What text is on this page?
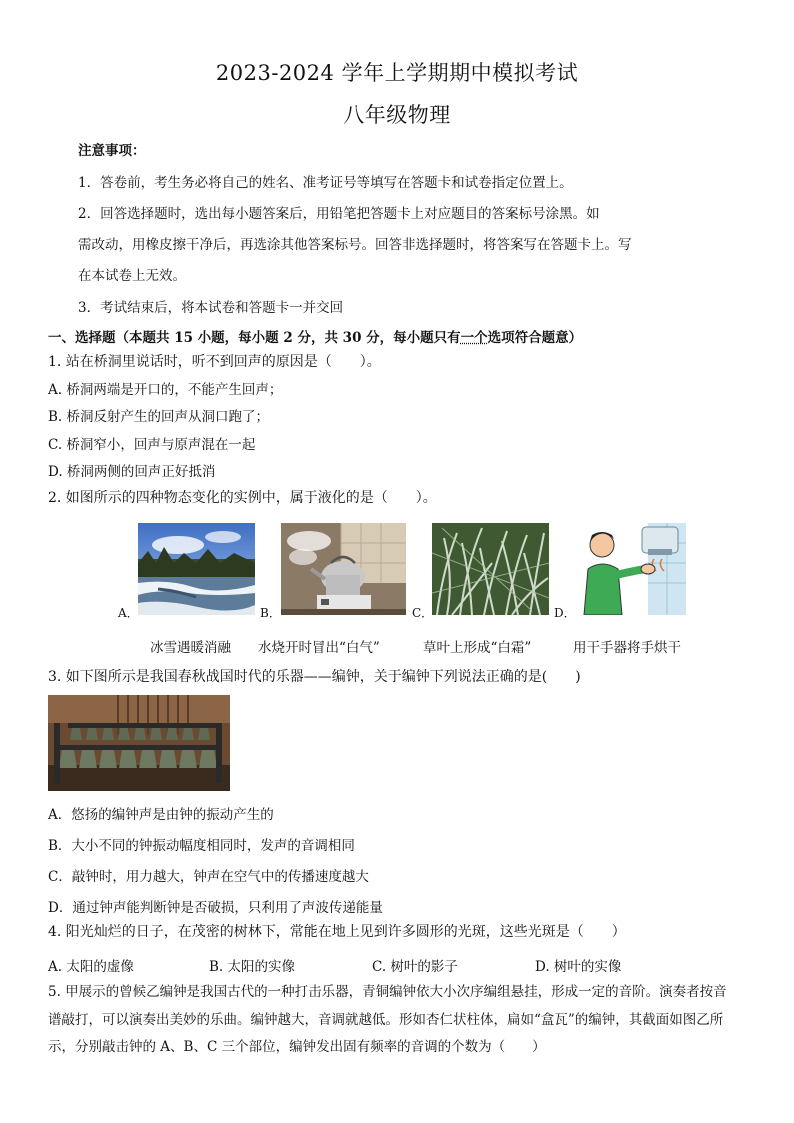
2023-2024 学年上学期期中模拟考试
八年级物理
注意事项：
1．答卷前，考生务必将自己的姓名、准考证号等填写在答题卡和试卷指定位置上。
2．回答选择题时，选出每小题答案后，用铅笔把答题卡上对应题目的答案标号涂黑。如
需改动，用橡皮擦干净后，再选涂其他答案标号。回答非选择题时，将答案写在答题卡上。写
在本试卷上无效。
3．考试结束后，将本试卷和答题卡一并交回
一、选择题（本题共 15 小题，每小题 2 分，共 30 分，每小题只有一个选项符合题意）
1. 站在桥洞里说话时，听不到回声的原因是（　　）。
A. 桥洞两端是开口的，不能产生回声；
B. 桥洞反射产生的回声从洞口跑了；
C. 桥洞窄小，回声与原声混在一起
D. 桥洞两侧的回声正好抵消
2. 如图所示的四种物态变化的实例中，属于液化的是（　　）。
A．	B．	C．	D．
冰雪遇暖消融 水烧开时冒出“白气”	草叶上形成“白霜”	用干手器将手烘干
3. 如下图所示是我国春秋战国时代的乐器——编钟，关于编钟下列说法正确的是(　　)
A．悠扬的编钟声是由钟的振动产生的
B．大小不同的钟振动幅度相同时，发声的音调相同
C．敲钟时，用力越大，钟声在空气中的传播速度越大
D．通过钟声能判断钟是否破损，只利用了声波传递能量
4. 阳光灿烂的日子，在茂密的树林下，常能在地上见到许多圆形的光斑，这些光斑是（　　）
A. 太阳的虚像	B. 太阳的实像	C. 树叶的影子	D. 树叶的实像
5. 甲展示的曾候乙编钟是我国古代的一种打击乐器，青铜编钟依大小次序编组悬挂，形成一定的音阶。演奏者按音
谱敲打，可以演奏出美妙的乐曲。编钟越大，音调就越低。形如杏仁状柱体，扁如“盒瓦”的编钟，其截面如图乙所
示，分别敲击钟的 A、B、C 三个部位，编钟发出固有频率的音调的个数为（　　）
